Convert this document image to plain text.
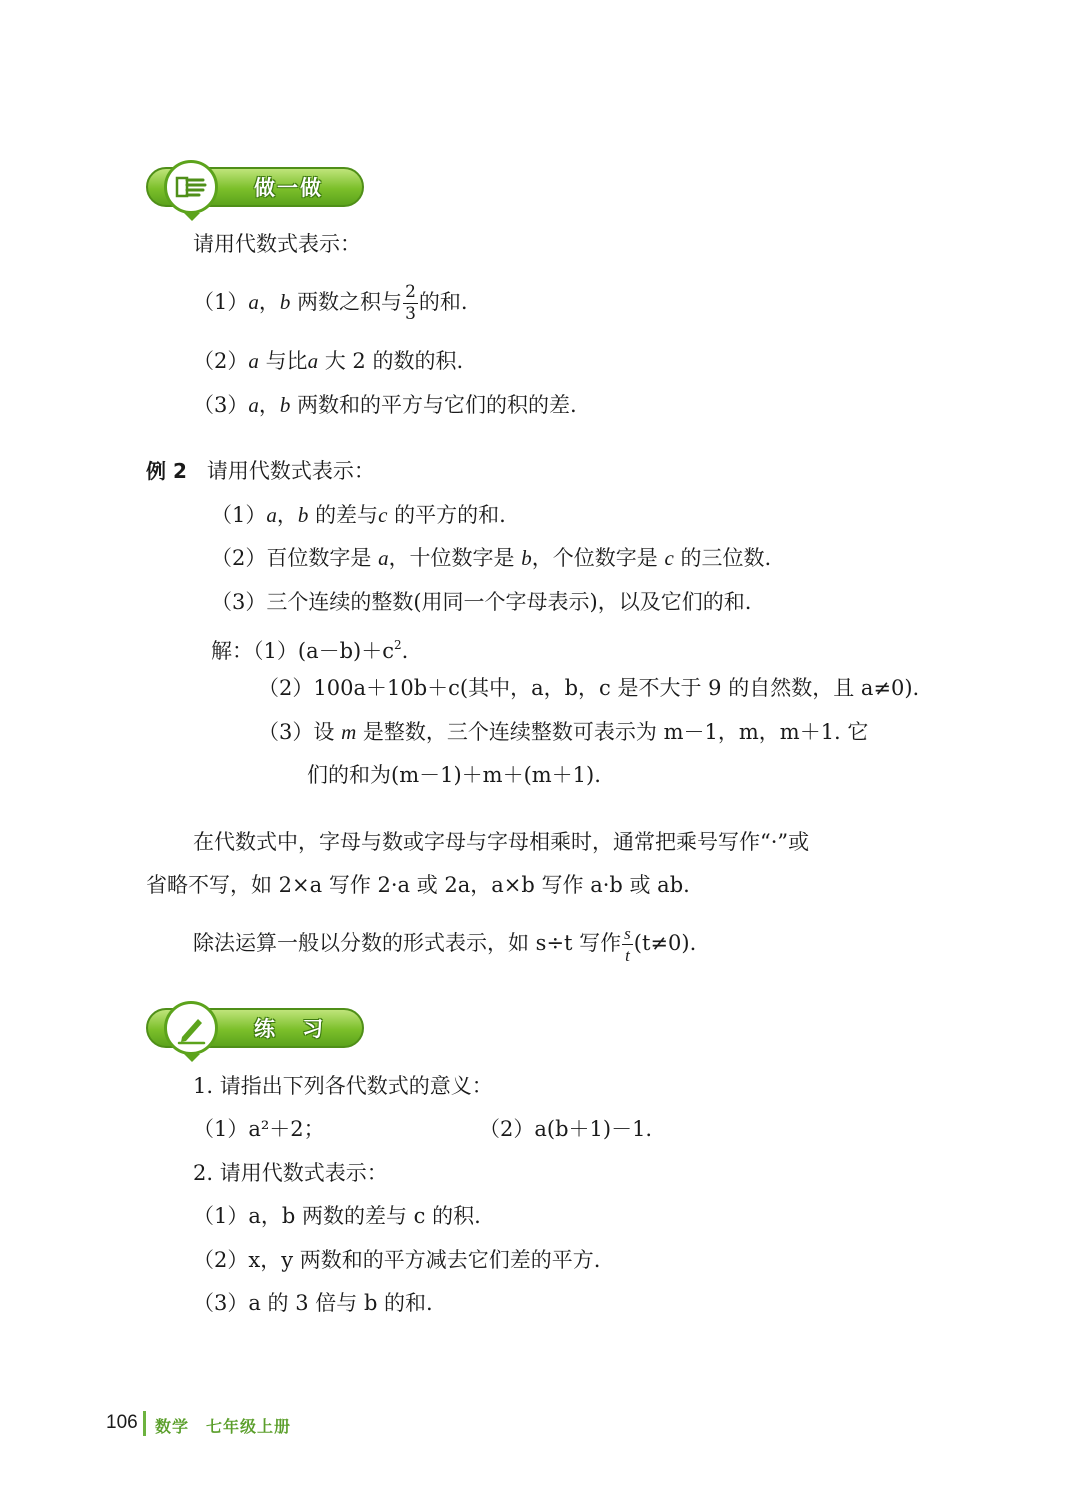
做一做
请用代数式表示：
（1）a，b 两数之积与 $\frac{2}{3}$ 的和.
（2）a 与比a 大 2 的数的积.
（3）a，b 两数和的平方与它们的积的差.
例 2 请用代数式表示：
（1）a，b 的差与c 的平方的和.
（2）百位数字是 a，十位数字是 b，个位数字是 c 的三位数.
（3）三个连续的整数(用同一个字母表示)，以及它们的和.
解：$(1)(a-b)+c^2$.
（2）100a＋10b＋c(其中，a，b，c 是不大于 9 的自然数，且 a≠0).
（3）设 m 是整数，三个连续整数可表示为 m－1，m，m＋1. 它
们的和为(m－1)＋m＋(m＋1).
在代数式中，字母与数或字母与字母相乘时，通常把乘号写作“·”或
省略不写，如 2×a 写作 2·a 或 2a，a×b 写作 a·b 或 ab.
除法运算一般以分数的形式表示，如 s÷t 写作 $\frac{s}{t} (t\ne 0)$.
练 习
1. 请指出下列各代数式的意义：
（1）a²＋2；	（2）a(b＋1)－1.
2. 请用代数式表示：
（1）a，b 两数的差与 c 的积.
（2）x，y 两数和的平方减去它们差的平方.
（3）a 的 3 倍与 b 的和.
106 数学　七年级上册
